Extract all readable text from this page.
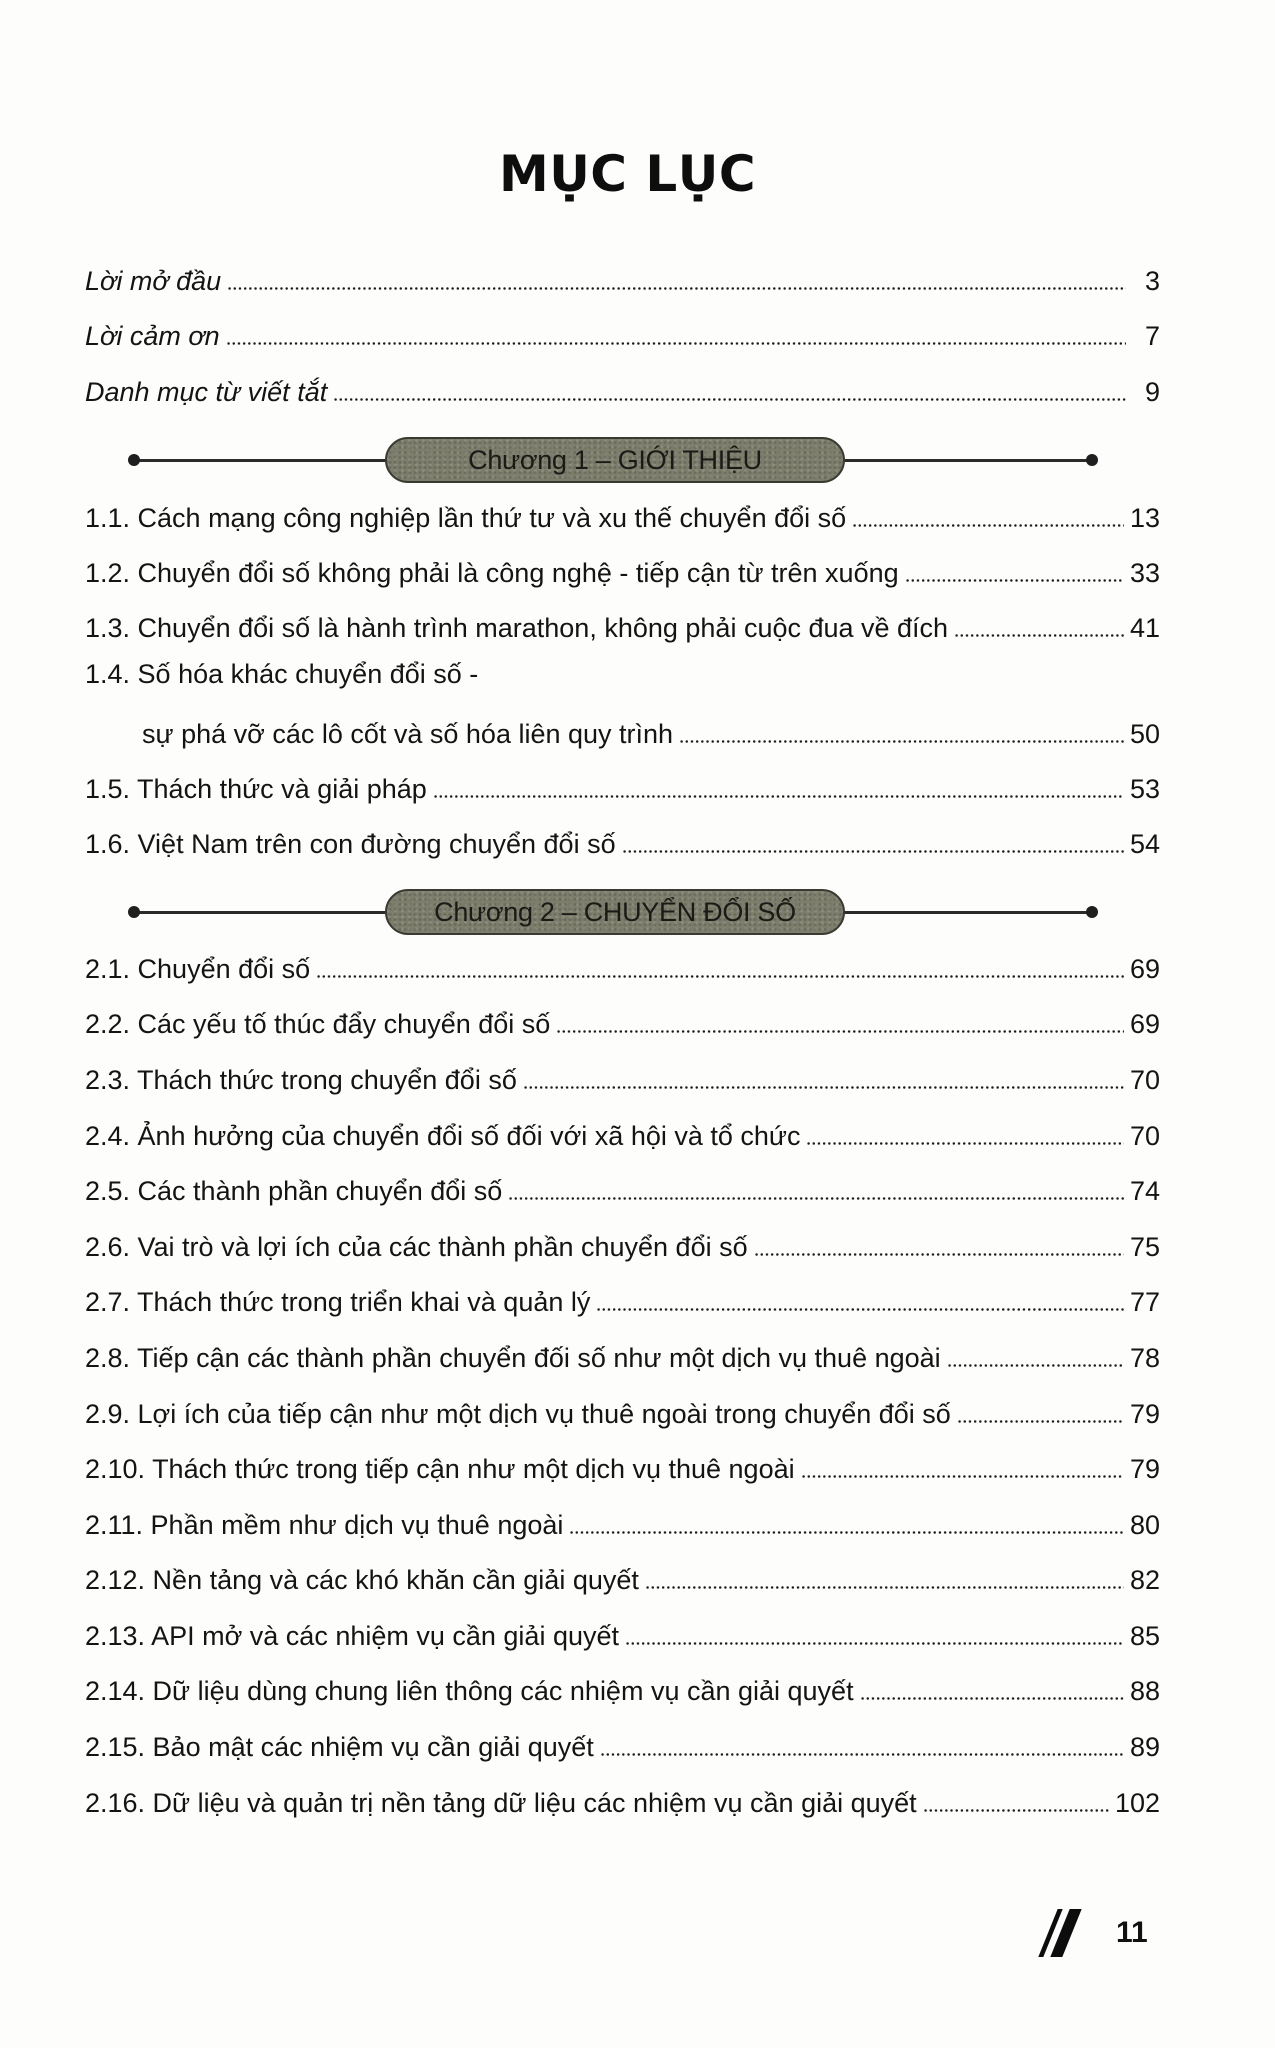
MỤC LỤC
Lời mở đầu	3
Lời cảm ơn	7
Danh mục từ viết tắt	9
Chương 1 – GIỚI THIỆU
1.1. Cách mạng công nghiệp lần thứ tư và xu thế chuyển đổi số	13
1.2. Chuyển đổi số không phải là công nghệ - tiếp cận từ trên xuống	33
1.3. Chuyển đổi số là hành trình marathon, không phải cuộc đua về đích	41
1.4. Số hóa khác chuyển đổi số -
sự phá vỡ các lô cốt và số hóa liên quy trình	50
1.5. Thách thức và giải pháp	53
1.6. Việt Nam trên con đường chuyển đổi số	54
Chương 2 – CHUYỂN ĐỔI SỐ
2.1. Chuyển đổi số	69
2.2. Các yếu tố thúc đẩy chuyển đổi số	69
2.3. Thách thức trong chuyển đổi số	70
2.4. Ảnh hưởng của chuyển đổi số đối với xã hội và tổ chức	70
2.5. Các thành phần chuyển đổi số	74
2.6. Vai trò và lợi ích của các thành phần chuyển đổi số	75
2.7. Thách thức trong triển khai và quản lý	77
2.8. Tiếp cận các thành phần chuyển đối số như một dịch vụ thuê ngoài	78
2.9. Lợi ích của tiếp cận như một dịch vụ thuê ngoài trong chuyển đổi số	79
2.10. Thách thức trong tiếp cận như một dịch vụ thuê ngoài	79
2.11. Phần mềm như dịch vụ thuê ngoài	80
2.12. Nền tảng và các khó khăn cần giải quyết	82
2.13. API mở và các nhiệm vụ cần giải quyết	85
2.14. Dữ liệu dùng chung liên thông các nhiệm vụ cần giải quyết	88
2.15. Bảo mật các nhiệm vụ cần giải quyết	89
2.16. Dữ liệu và quản trị nền tảng dữ liệu các nhiệm vụ cần giải quyết	102
11
